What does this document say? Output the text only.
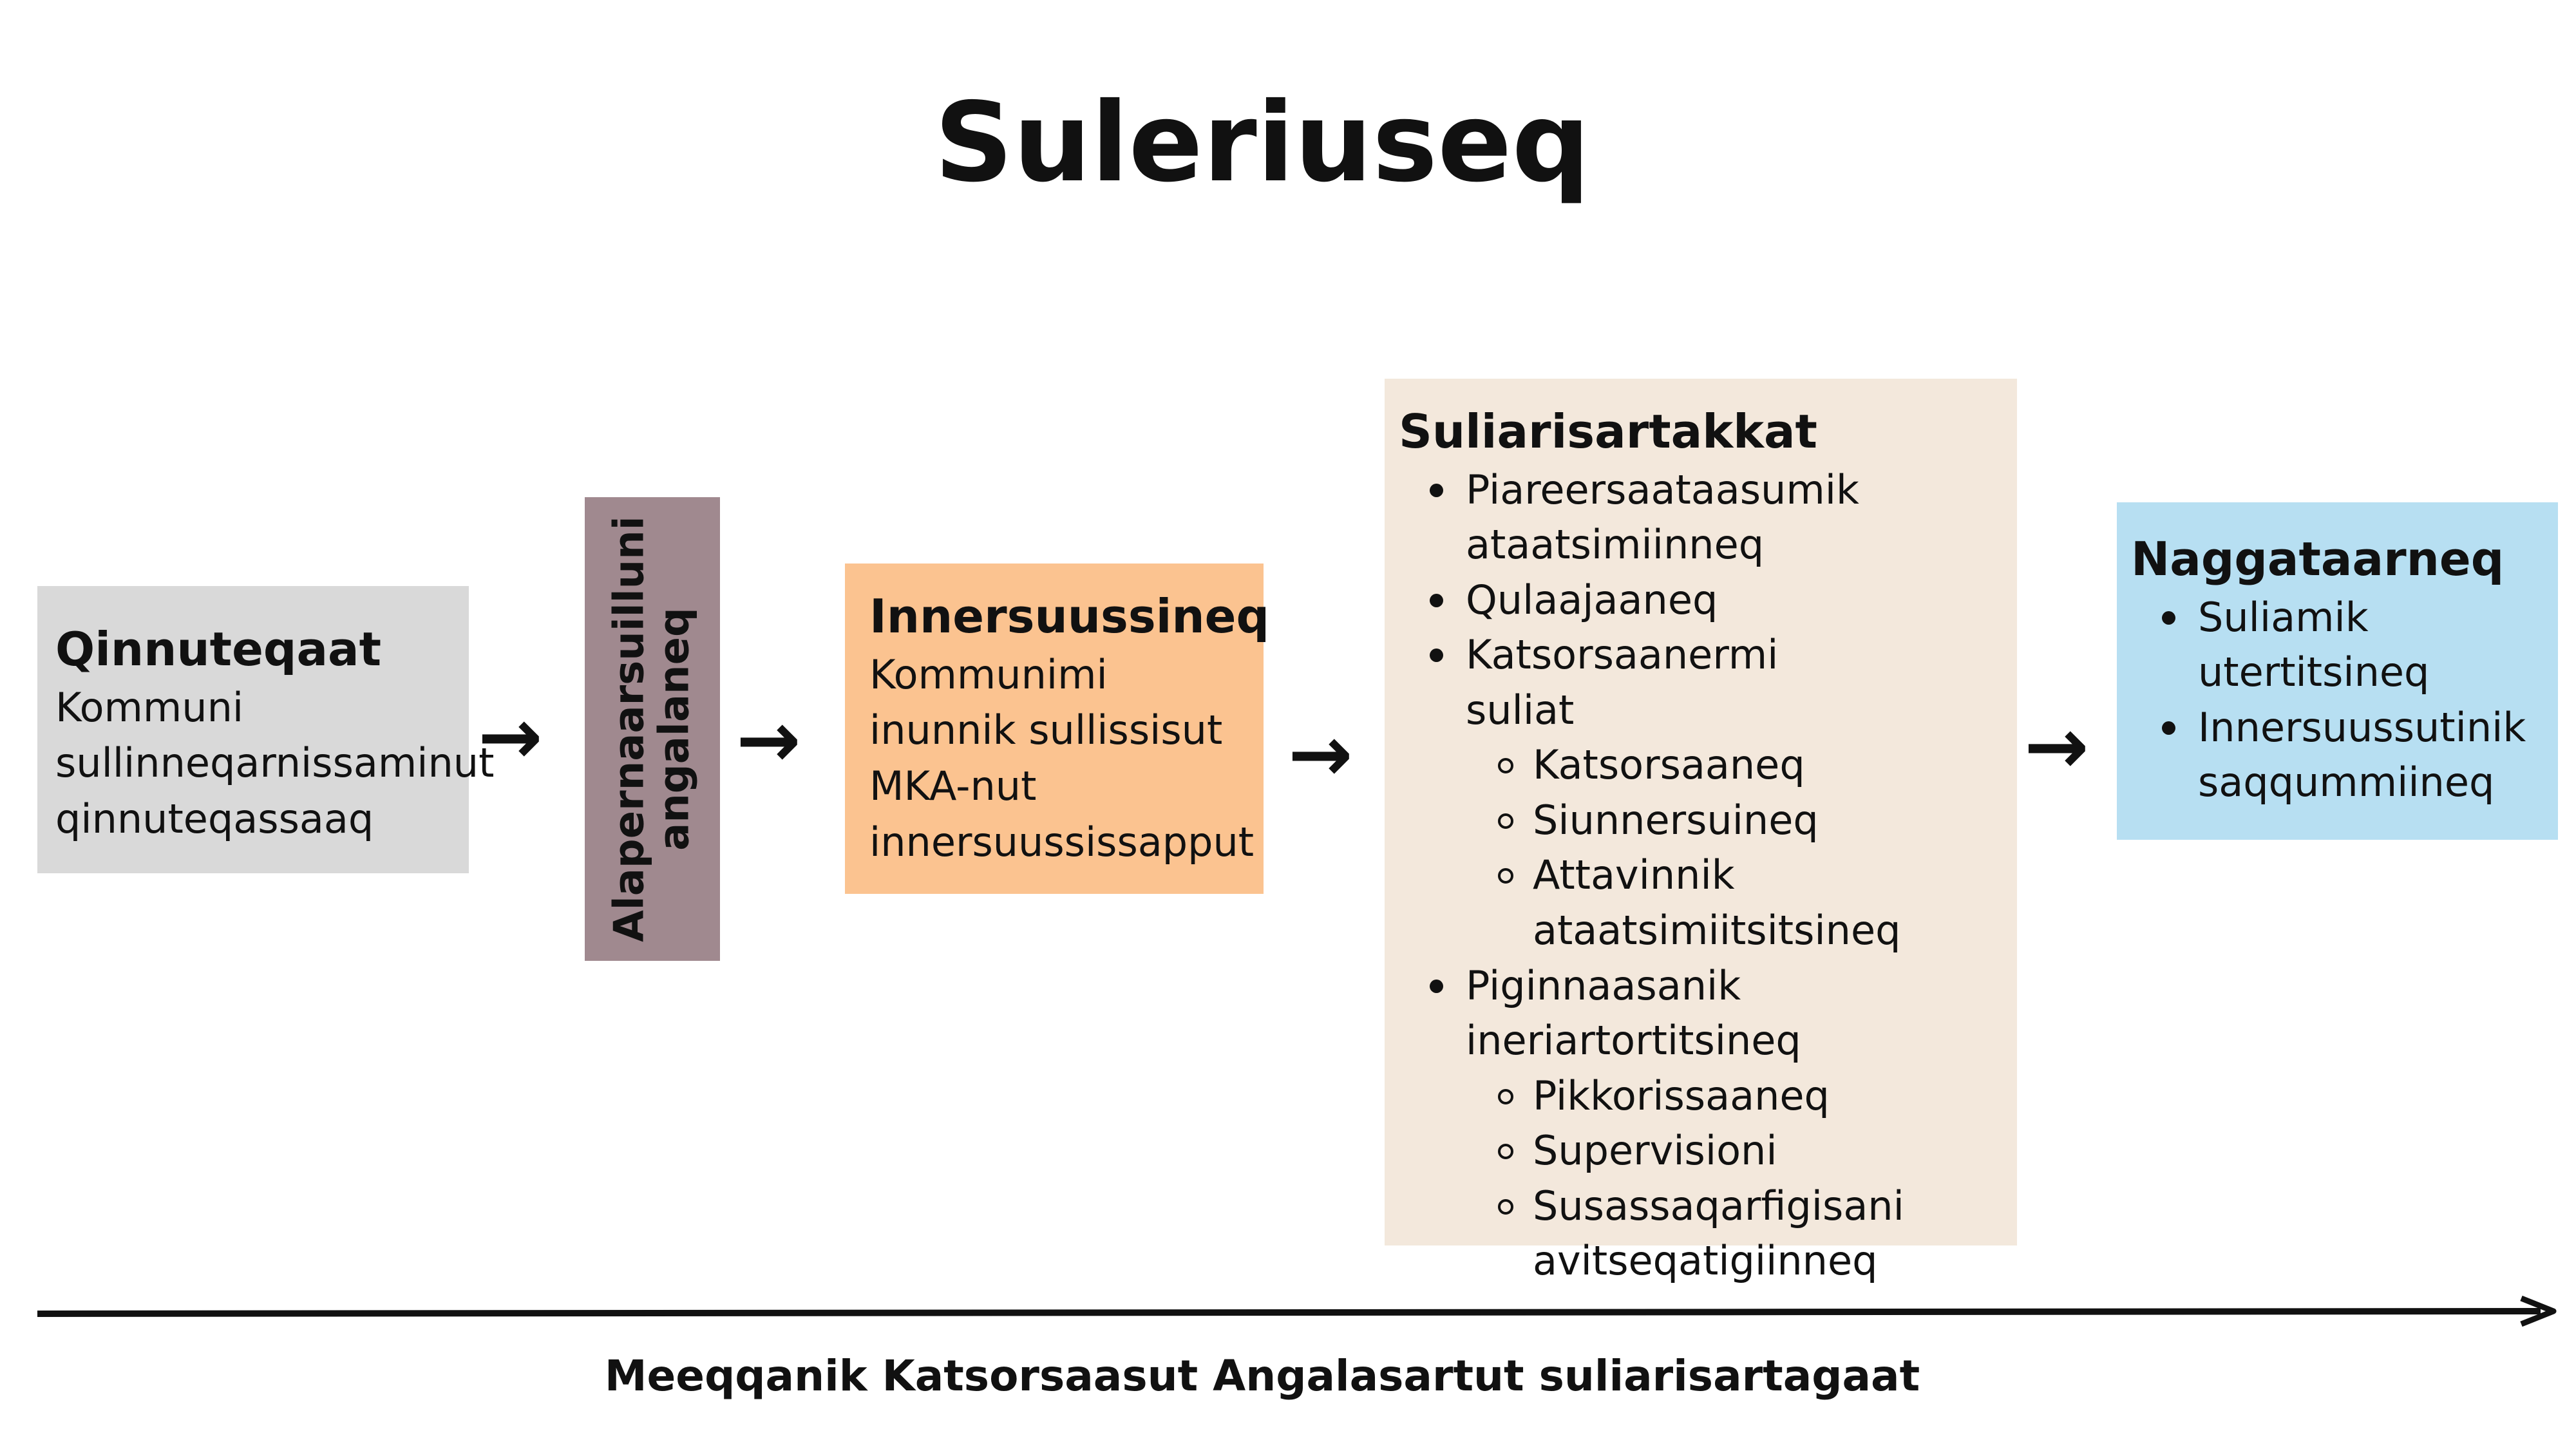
Suleriuseq
Qinnuteqaat

Kommuni sullinneqarnissaminut qinnuteqassaaq

→ Alapernaarsuilluni
angalaneq →
Innersuussineq

Kommunimi inunnik sullissisut MKA-nut innersuussissapput

→
Suliarisartakkat
Piareersaataasumik ataatsimiinneq
Qulaajaaneq
Katsorsaanermi suliat
Katsorsaaneq
Siunnersuineq
Attavinnik ataatsimiitsitsineq
Piginnaasanik ineriartortitsineq
Pikkorissaaneq
Supervisioni
Susassaqarfigisani avitseqatigiinneq
→
Naggataarneq
Suliamik utertitsineq
Innersuussutinik saqqummiineq
Meeqqanik Katsorsaasut Angalasartut suliarisartagaat
